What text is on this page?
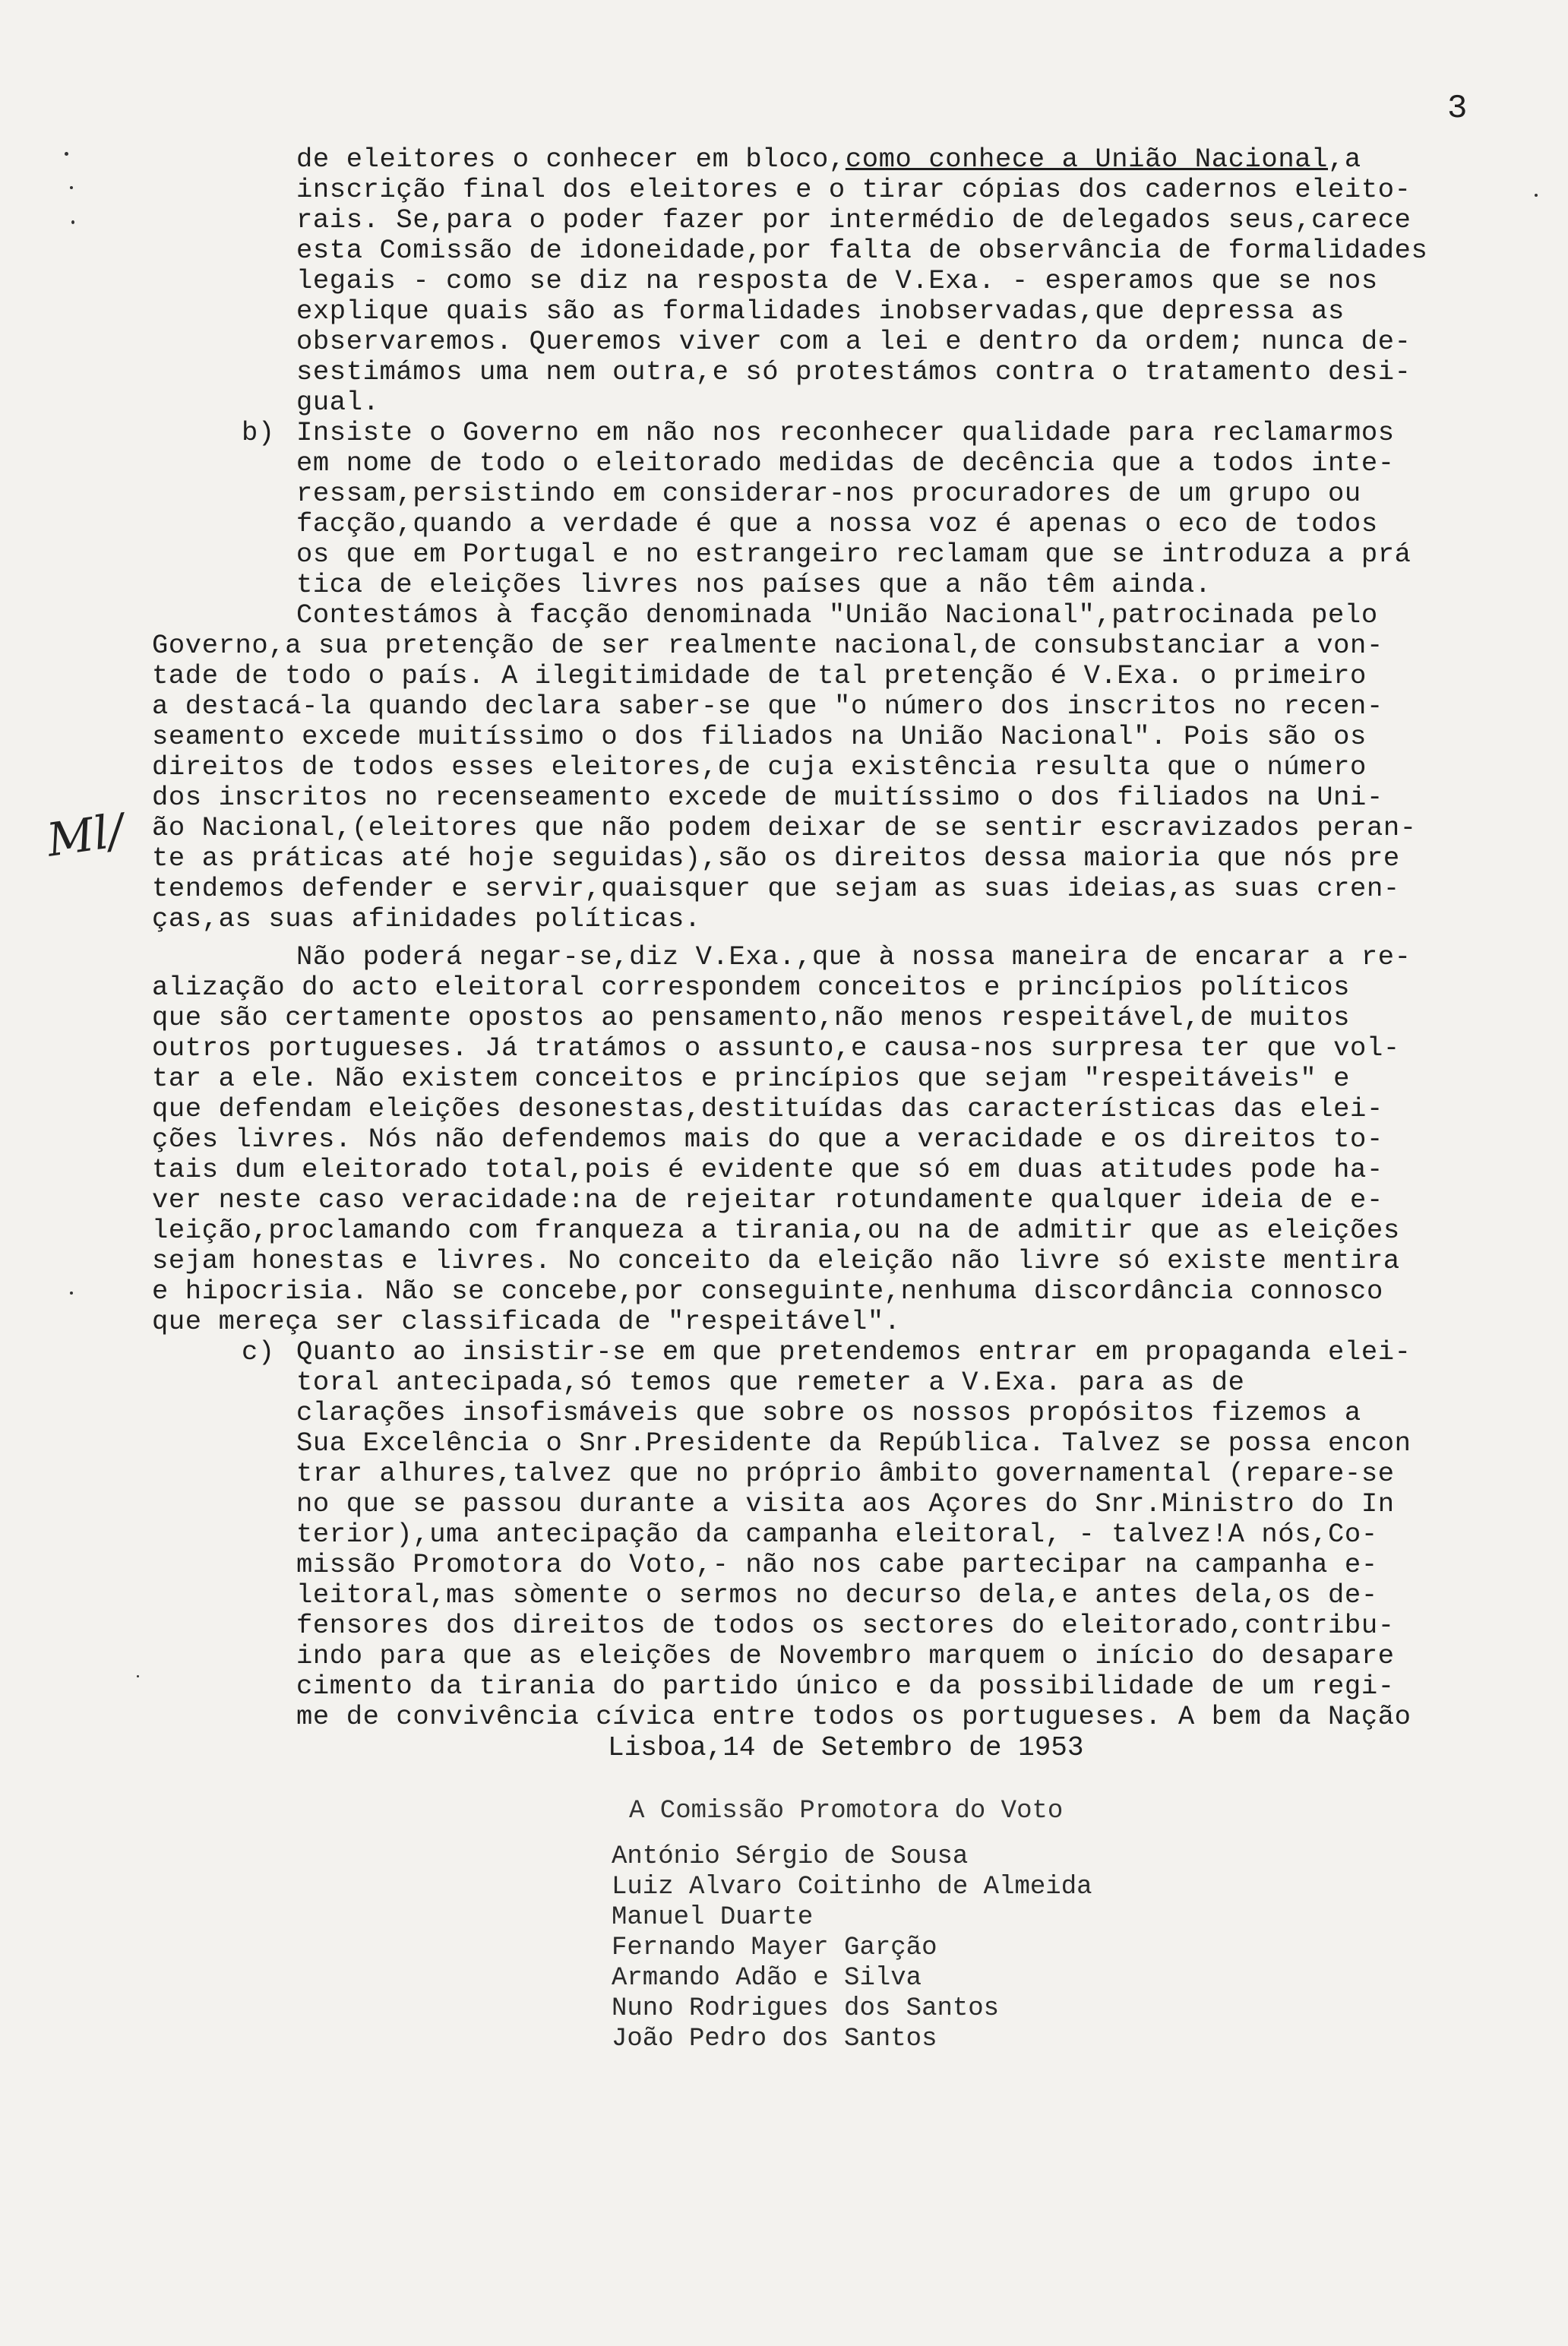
3
Ml/
de eleitores o conhecer em bloco,como conhece a União Nacional,a
inscrição final dos eleitores e o tirar cópias dos cadernos eleito-
rais. Se,para o poder fazer por intermédio de delegados seus,carece
esta Comissão de idoneidade,por falta de observância de formalidades
legais - como se diz na resposta de V.Exa. - esperamos que se nos
explique quais são as formalidades inobservadas,que depressa as
observaremos. Queremos viver com a lei e dentro da ordem; nunca de-
sestimámos uma nem outra,e só protestámos contra o tratamento desi-
gual.
b) Insiste o Governo em não nos reconhecer qualidade para reclamarmos
em nome de todo o eleitorado medidas de decência que a todos inte-
ressam,persistindo em considerar-nos procuradores de um grupo ou
facção,quando a verdade é que a nossa voz é apenas o eco de todos
os que em Portugal e no estrangeiro reclamam que se introduza a prá
tica de eleições livres nos países que a não têm ainda.
Contestámos à facção denominada "União Nacional",patrocinada pelo
Governo,a sua pretenção de ser realmente nacional,de consubstanciar a von-
tade de todo o país. A ilegitimidade de tal pretenção é V.Exa. o primeiro
a destacá-la quando declara saber-se que "o número dos inscritos no recen-
seamento excede muitíssimo o dos filiados na União Nacional". Pois são os
direitos de todos esses eleitores,de cuja existência resulta que o número
dos inscritos no recenseamento excede de muitíssimo o dos filiados na Uni-
ão Nacional,(eleitores que não podem deixar de se sentir escravizados peran-
te as práticas até hoje seguidas),são os direitos dessa maioria que nós pre
tendemos defender e servir,quaisquer que sejam as suas ideias,as suas cren-
ças,as suas afinidades políticas.
Não poderá negar-se,diz V.Exa.,que à nossa maneira de encarar a re-
alização do acto eleitoral correspondem conceitos e princípios políticos
que são certamente opostos ao pensamento,não menos respeitável,de muitos
outros portugueses. Já tratámos o assunto,e causa-nos surpresa ter que vol-
tar a ele. Não existem conceitos e princípios que sejam "respeitáveis" e
que defendam eleições desonestas,destituídas das características das elei-
ções livres. Nós não defendemos mais do que a veracidade e os direitos to-
tais dum eleitorado total,pois é evidente que só em duas atitudes pode ha-
ver neste caso veracidade:na de rejeitar rotundamente qualquer ideia de e-
leição,proclamando com franqueza a tirania,ou na de admitir que as eleições
sejam honestas e livres. No conceito da eleição não livre só existe mentira
e hipocrisia. Não se concebe,por conseguinte,nenhuma discordância connosco
que mereça ser classificada de "respeitável".
c) Quanto ao insistir-se em que pretendemos entrar em propaganda elei-
toral antecipada,só temos que remeter a V.Exa. para as de
clarações insofismáveis que sobre os nossos propósitos fizemos a
Sua Excelência o Snr.Presidente da República. Talvez se possa encon
trar alhures,talvez que no próprio âmbito governamental (repare-se
no que se passou durante a visita aos Açores do Snr.Ministro do In
terior),uma antecipação da campanha eleitoral, - talvez!A nós,Co-
missão Promotora do Voto,- não nos cabe partecipar na campanha e-
leitoral,mas sòmente o sermos no decurso dela,e antes dela,os de-
fensores dos direitos de todos os sectores do eleitorado,contribu-
indo para que as eleições de Novembro marquem o início do desapare
cimento da tirania do partido único e da possibilidade de um regi-
me de convivência cívica entre todos os portugueses. A bem da Nação
Lisboa,14 de Setembro de 1953
A Comissão Promotora do Voto
António Sérgio de Sousa
Luiz Alvaro Coitinho de Almeida
Manuel Duarte
Fernando Mayer Garção
Armando Adão e Silva
Nuno Rodrigues dos Santos
João Pedro dos Santos
